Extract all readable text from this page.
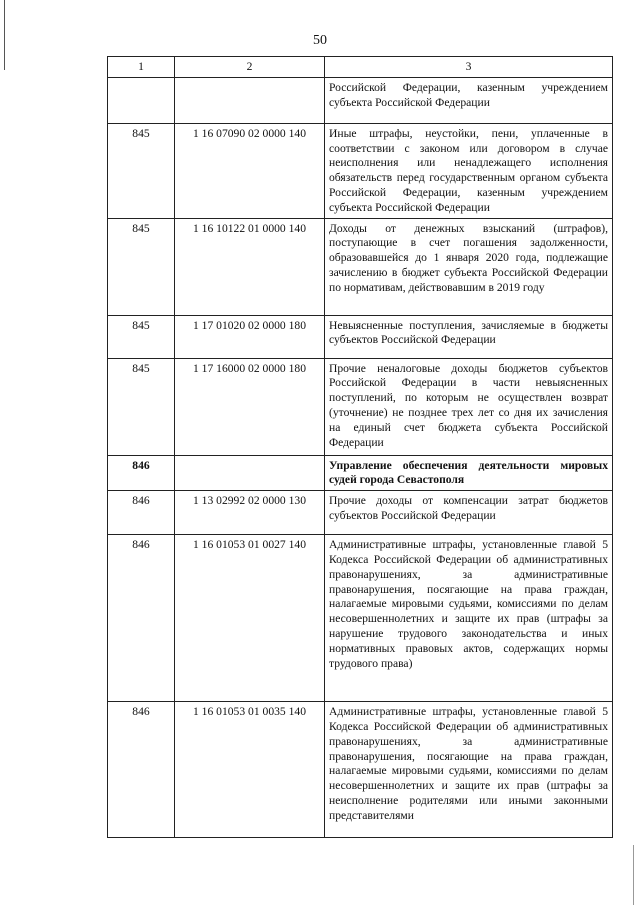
50
1	2	3
		Российской Федерации, казенным учреждением субъекта Российской Федерации
845	1 16 07090 02 0000 140	Иные штрафы, неустойки, пени, уплаченные в соответствии с законом или договором в случае неисполнения или ненадлежащего исполнения обязательств перед государственным органом субъекта Российской Федерации, казенным учреждением субъекта Российской Федерации
845	1 16 10122 01 0000 140	Доходы от денежных взысканий (штрафов), поступающие в счет погашения задолженности, образовавшейся до 1 января 2020 года, подлежащие зачислению в бюджет субъекта Российской Федерации по нормативам, действовавшим в 2019 году
845	1 17 01020 02 0000 180	Невыясненные поступления, зачисляемые в бюджеты субъектов Российской Федерации
845	1 17 16000 02 0000 180	Прочие неналоговые доходы бюджетов субъектов Российской Федерации в части невыясненных поступлений, по которым не осуществлен возврат (уточнение) не позднее трех лет со дня их зачисления на единый счет бюджета субъекта Российской Федерации
846		Управление обеспечения деятельности мировых судей города Севастополя
846	1 13 02992 02 0000 130	Прочие доходы от компенсации затрат бюджетов субъектов Российской Федерации
846	1 16 01053 01 0027 140	Административные штрафы, установленные главой 5 Кодекса Российской Федерации об административных правонарушениях, за административные правонарушения, посягающие на права граждан, налагаемые мировыми судьями, комиссиями по делам несовершеннолетних и защите их прав (штрафы за нарушение трудового законодательства и иных нормативных правовых актов, содержащих нормы трудового права)
846	1 16 01053 01 0035 140	Административные штрафы, установленные главой 5 Кодекса Российской Федерации об административных правонарушениях, за административные правонарушения, посягающие на права граждан, налагаемые мировыми судьями, комиссиями по делам несовершеннолетних и защите их прав (штрафы за неисполнение родителями или иными законными представителями
